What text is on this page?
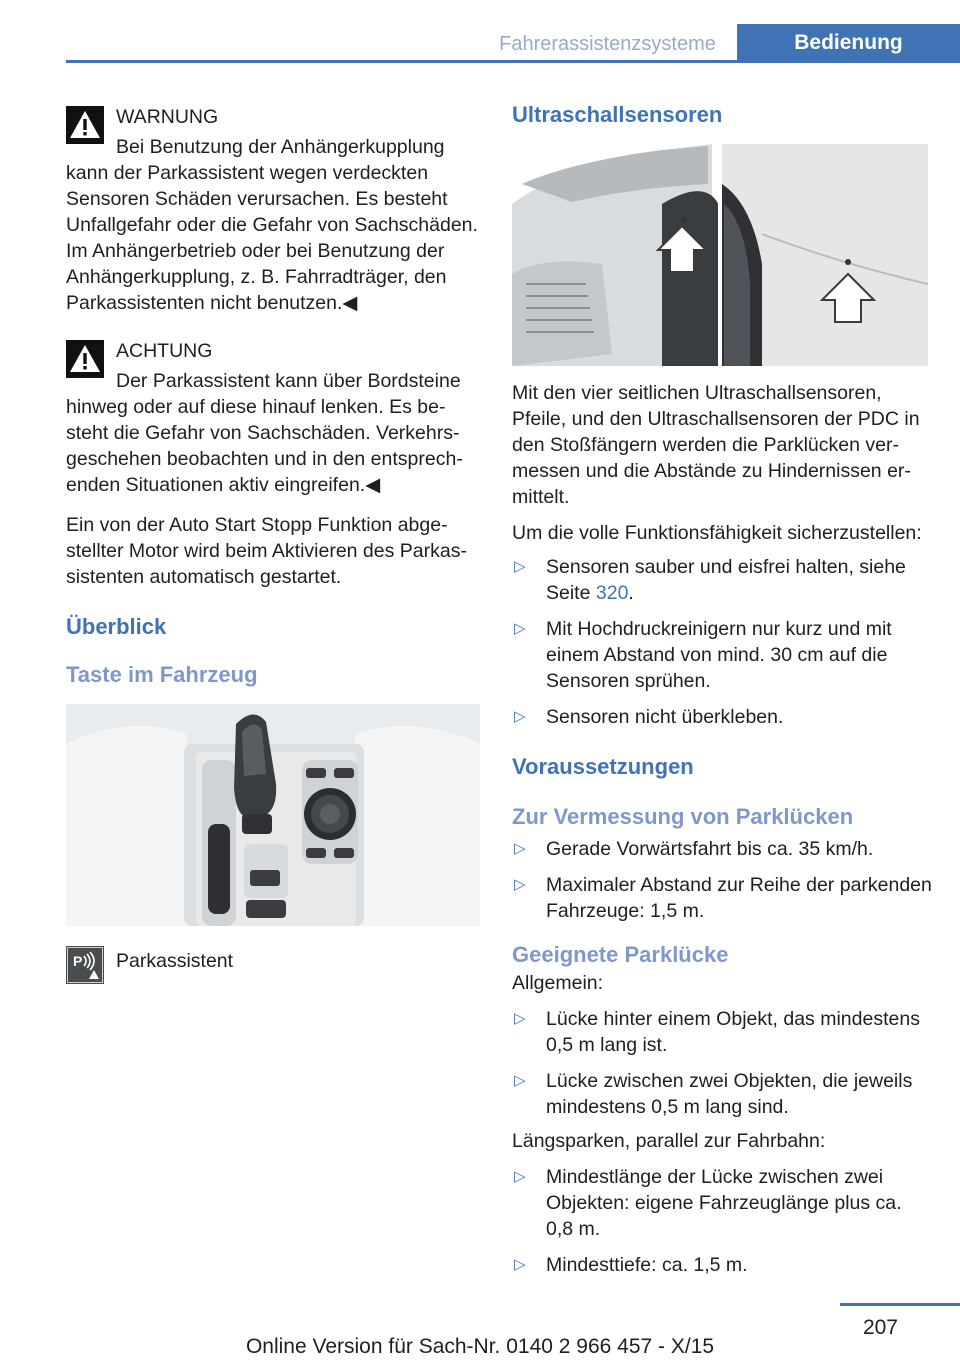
Fahrerassistenzsysteme	Bedienung

WARNUNG

Bei Benutzung der Anhängerkupplung kann der Parkassistent wegen verdeckten Sensoren Schäden verursachen. Es besteht Unfallgefahr oder die Gefahr von Sachschäden. Im Anhängerbetrieb oder bei Benutzung der Anhängerkupplung, z. B. Fahrradträger, den Parkassistenten nicht benutzen.◀

ACHTUNG

Der Parkassistent kann über Bordsteine hinweg oder auf diese hinauf lenken. Es besteht die Gefahr von Sachschäden. Verkehrsgeschehen beobachten und in den entsprechenden Situationen aktiv eingreifen.◀

Ein von der Auto Start Stopp Funktion abgestellter Motor wird beim Aktivieren des Parkassistenten automatisch gestartet.

Überblick
Taste im Fahrzeug
P Parkassistent
Ultraschallsensoren

Mit den vier seitlichen Ultraschallsensoren, Pfeile, und den Ultraschallsensoren der PDC in den Stoßfängern werden die Parklücken vermessen und die Abstände zu Hindernissen ermittelt.

Um die volle Funktionsfähigkeit sicherzustellen:

▷ Sensoren sauber und eisfrei halten, siehe Seite 320.
▷ Mit Hochdruckreinigern nur kurz und mit einem Abstand von mind. 30 cm auf die Sensoren sprühen.
▷ Sensoren nicht überkleben.
Voraussetzungen
Zur Vermessung von Parklücken
▷ Gerade Vorwärtsfahrt bis ca. 35 km/h.
▷ Maximaler Abstand zur Reihe der parkenden Fahrzeuge: 1,5 m.
Geeignete Parklücke

Allgemein:

▷ Lücke hinter einem Objekt, das mindestens 0,5 m lang ist.
▷ Lücke zwischen zwei Objekten, die jeweils mindestens 0,5 m lang sind.

Längsparken, parallel zur Fahrbahn:

▷ Mindestlänge der Lücke zwischen zwei Objekten: eigene Fahrzeuglänge plus ca. 0,8 m.
▷ Mindesttiefe: ca. 1,5 m.
207
Online Version für Sach-Nr. 0140 2 966 457 - X/15
